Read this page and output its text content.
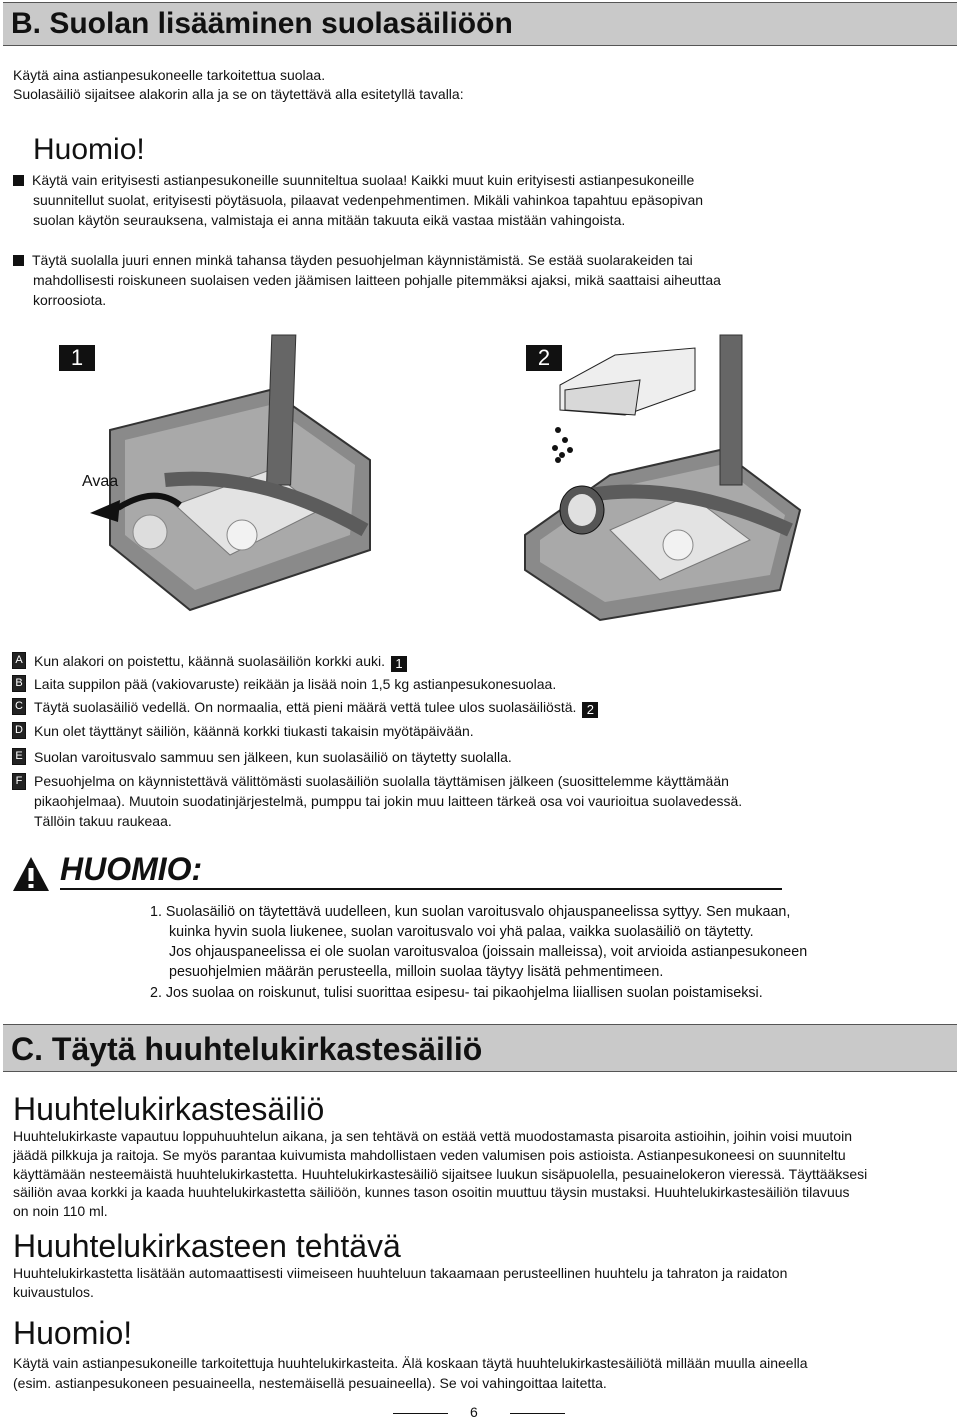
B. Suolan lisääminen suolasäiliöön
Käytä aina astianpesukoneelle tarkoitettua suolaa.
Suolasäiliö sijaitsee alakorin alla ja se on täytettävä alla esitetyllä tavalla:
Huomio!
Käytä vain erityisesti astianpesukoneille suunniteltua suolaa! Kaikki muut kuin erityisesti astianpesukoneille
suunnitellut suolat, erityisesti pöytäsuola, pilaavat vedenpehmentimen. Mikäli vahinkoa tapahtuu epäsopivan
suolan käytön seurauksena, valmistaja ei anna mitään takuuta eikä vastaa mistään vahingoista.
Täytä suolalla juuri ennen minkä tahansa täyden pesuohjelman käynnistämistä. Se estää suolarakeiden tai
mahdollisesti roiskuneen suolaisen veden jäämisen laitteen pohjalle pitemmäksi ajaksi, mikä saattaisi aiheuttaa
korroosiota.
1
Avaa
2
A Kun alakori on poistettu, käännä suolasäiliön korkki auki. 1
B Laita suppilon pää (vakiovaruste) reikään ja lisää noin 1,5 kg astianpesukonesuolaa.
C Täytä suolasäiliö vedellä. On normaalia, että pieni määrä vettä tulee ulos suolasäiliöstä. 2
D Kun olet täyttänyt säiliön, käännä korkki tiukasti takaisin myötäpäivään.
E Suolan varoitusvalo sammuu sen jälkeen, kun suolasäiliö on täytetty suolalla.
F Pesuohjelma on käynnistettävä välittömästi suolasäiliön suolalla täyttämisen jälkeen (suosittelemme käyttämään
pikaohjelmaa). Muutoin suodatinjärjestelmä, pumppu tai jokin muu laitteen tärkeä osa voi vaurioitua suolavedessä.
Tällöin takuu raukeaa.
HUOMIO:
1. Suolasäiliö on täytettävä uudelleen, kun suolan varoitusvalo ohjauspaneelissa syttyy. Sen mukaan,
kuinka hyvin suola liukenee, suolan varoitusvalo voi yhä palaa, vaikka suolasäiliö on täytetty.
Jos ohjauspaneelissa ei ole suolan varoitusvaloa (joissain malleissa), voit arvioida astianpesukoneen
pesuohjelmien määrän perusteella, milloin suolaa täytyy lisätä pehmentimeen.
2. Jos suolaa on roiskunut, tulisi suorittaa esipesu- tai pikaohjelma liiallisen suolan poistamiseksi.
C. Täytä huuhtelukirkastesäiliö
Huuhtelukirkastesäiliö
Huuhtelukirkaste vapautuu loppuhuuhtelun aikana, ja sen tehtävä on estää vettä muodostamasta pisaroita astioihin, joihin voisi muutoin
jäädä pilkkuja ja raitoja. Se myös parantaa kuivumista mahdollistaen veden valumisen pois astioista. Astianpesukoneesi on suunniteltu
käyttämään nesteemäistä huuhtelukirkastetta. Huuhtelukirkastesäiliö sijaitsee luukun sisäpuolella, pesuainelokeron vieressä. Täyttääksesi
säiliön avaa korkki ja kaada huuhtelukirkastetta säiliöön, kunnes tason osoitin muuttuu täysin mustaksi. Huuhtelukirkastesäiliön tilavuus
on noin 110 ml.
Huuhtelukirkasteen tehtävä
Huuhtelukirkastetta lisätään automaattisesti viimeiseen huuhteluun takaamaan perusteellinen huuhtelu ja tahraton ja raidaton
kuivaustulos.
Huomio!
Käytä vain astianpesukoneille tarkoitettuja huuhtelukirkasteita. Älä koskaan täytä huuhtelukirkastesäiliötä millään muulla aineella
(esim. astianpesukoneen pesuaineella, nestemäisellä pesuaineella). Se voi vahingoittaa laitetta.
6
